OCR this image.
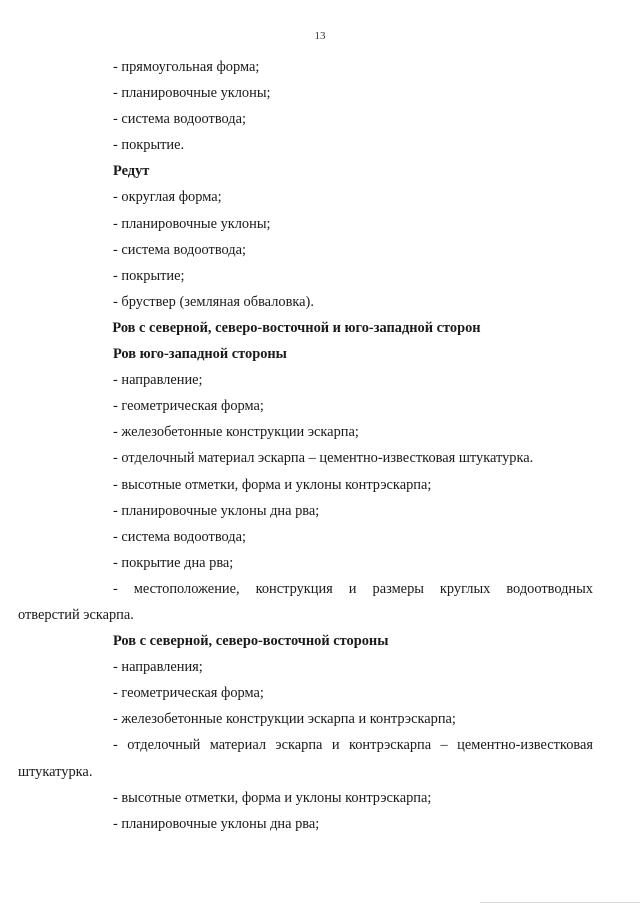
13

- прямоугольная форма;

- планировочные уклоны;

- система водоотвода;

- покрытие.

Редут

- округлая форма;

- планировочные уклоны;

- система водоотвода;

- покрытие;

- бруствер (земляная обваловка).

Ров с северной, северо-восточной и юго-западной сторон

Ров юго-западной стороны

- направление;

- геометрическая форма;

- железобетонные конструкции эскарпа;

- отделочный материал эскарпа – цементно-известковая штукатурка.

- высотные отметки, форма и уклоны контрэскарпа;

- планировочные уклоны дна рва;

- система водоотвода;

- покрытие дна рва;

- местоположение, конструкция и размеры круглых водоотводных

отверстий эскарпа.

Ров с северной, северо-восточной стороны

- направления;

- геометрическая форма;

- железобетонные конструкции эскарпа и контрэскарпа;

- отделочный материал эскарпа и контрэскарпа – цементно-известковая

штукатурка.

- высотные отметки, форма и уклоны контрэскарпа;

- планировочные уклоны дна рва;
